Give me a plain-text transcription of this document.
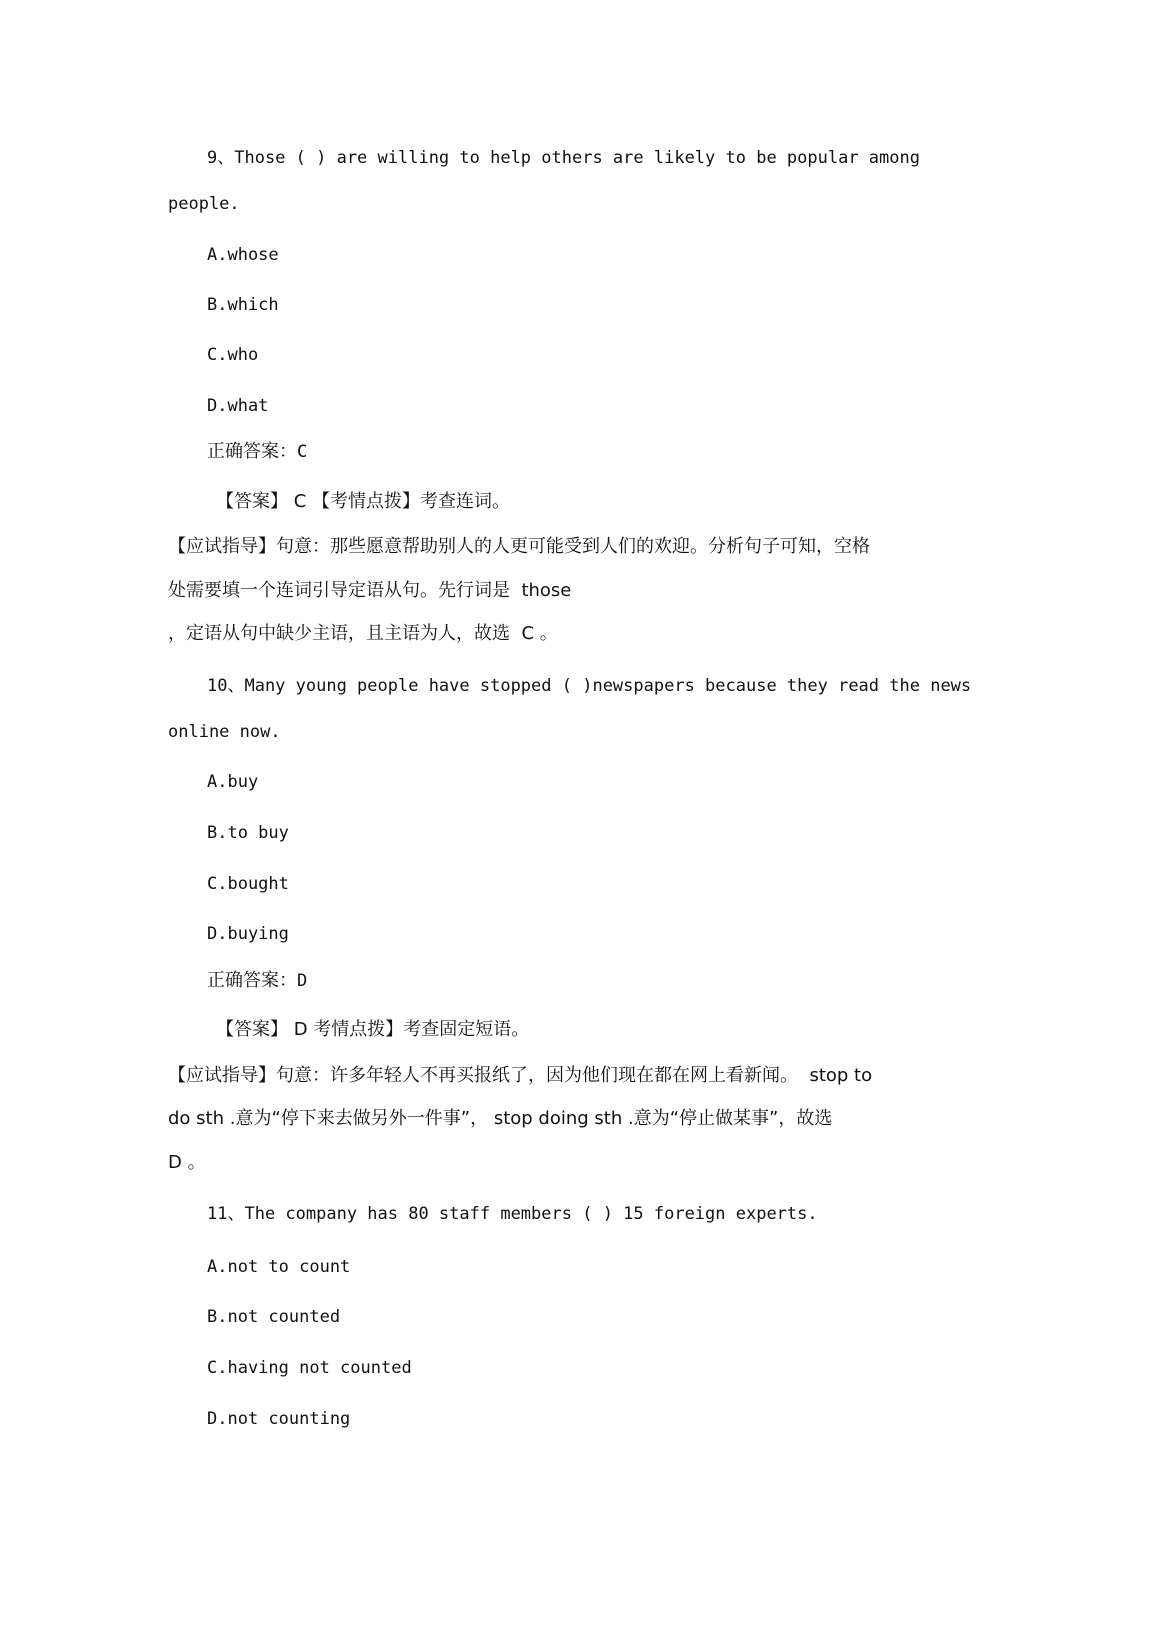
9、Those ( ) are willing to help others are likely to be popular among
people.
A.whose
B.which
C.who
D.what
正确答案：C
【答案】 C 【考情点拨】考查连词。
【应试指导】句意：那些愿意帮助别人的人更可能受到人们的欢迎。分析句子可知，空格
处需要填一个连词引导定语从句。先行词是  those
，定语从句中缺少主语，且主语为人，故选  C 。
10、Many young people have stopped ( )newspapers because they read the news
online now.
A.buy
B.to buy
C.bought
D.buying
正确答案：D
【答案】 D 考情点拨】考查固定短语。
【应试指导】句意：许多年轻人不再买报纸了，因为他们现在都在网上看新闻。  stop to
do sth .意为“停下来去做另外一件事”， stop doing sth .意为“停止做某事”，故选
D 。
11、The company has 80 staff members ( ) 15 foreign experts.
A.not to count
B.not counted
C.having not counted
D.not counting
